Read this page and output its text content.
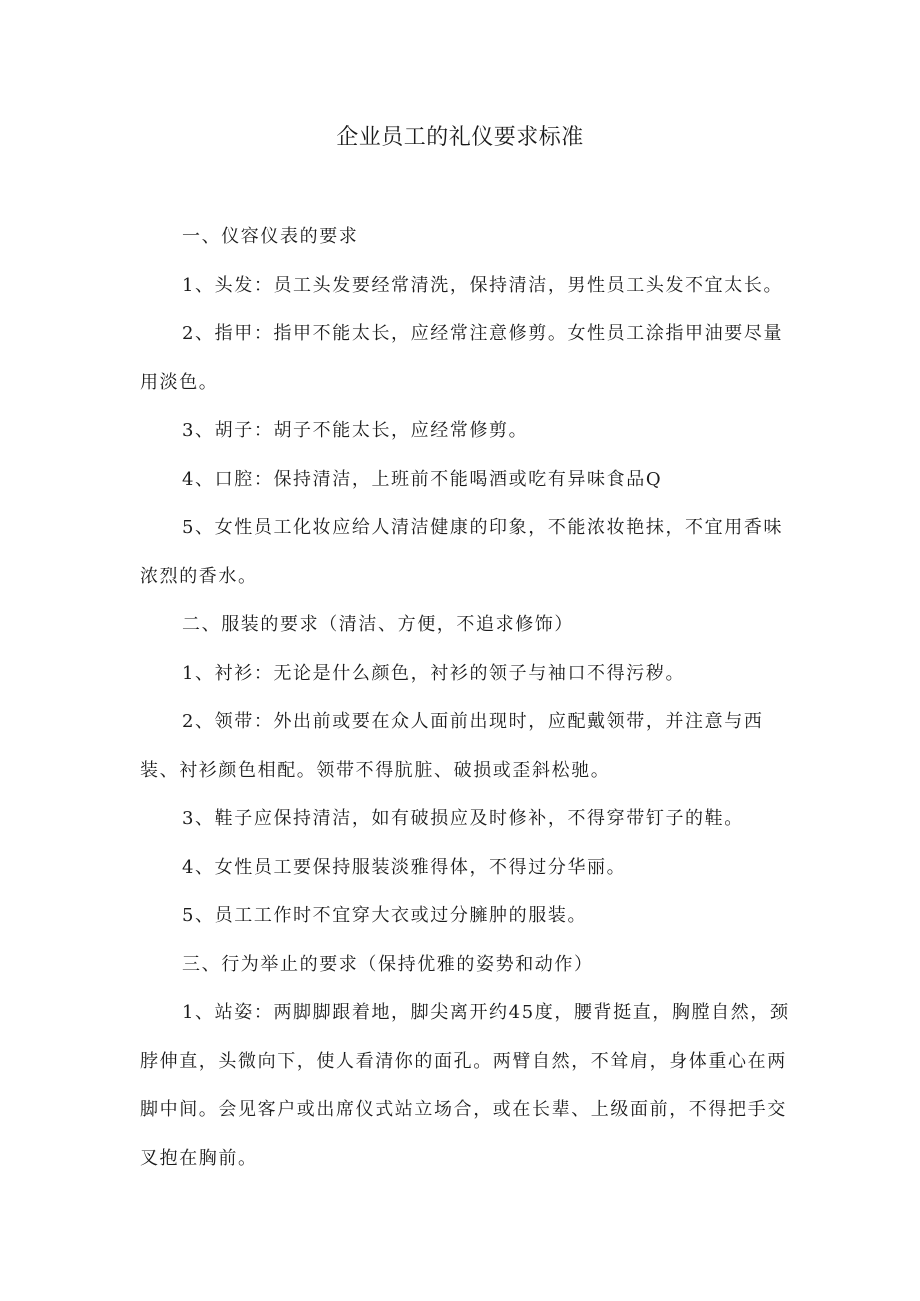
企业员工的礼仪要求标准

一、仪容仪表的要求

1、头发：员工头发要经常清洗，保持清洁，男性员工头发不宜太长。

2、指甲：指甲不能太长，应经常注意修剪。女性员工涂指甲油要尽量用淡色。

3、胡子：胡子不能太长，应经常修剪。

4、口腔：保持清洁，上班前不能喝酒或吃有异味食品Q

5、女性员工化妆应给人清洁健康的印象，不能浓妆艳抹，不宜用香味浓烈的香水。

二、服装的要求（清洁、方便，不追求修饰）

1、衬衫：无论是什么颜色，衬衫的领子与袖口不得污秽。

2、领带：外出前或要在众人面前出现时，应配戴领带，并注意与西装、衬衫颜色相配。领带不得肮脏、破损或歪斜松驰。

3、鞋子应保持清洁，如有破损应及时修补，不得穿带钉子的鞋。

4、女性员工要保持服装淡雅得体，不得过分华丽。

5、员工工作时不宜穿大衣或过分臃肿的服装。

三、行为举止的要求（保持优雅的姿势和动作）

1、站姿：两脚脚跟着地，脚尖离开约45度，腰背挺直，胸膛自然，颈脖伸直，头微向下，使人看清你的面孔。两臂自然，不耸肩，身体重心在两脚中间。会见客户或出席仪式站立场合，或在长辈、上级面前，不得把手交叉抱在胸前。
